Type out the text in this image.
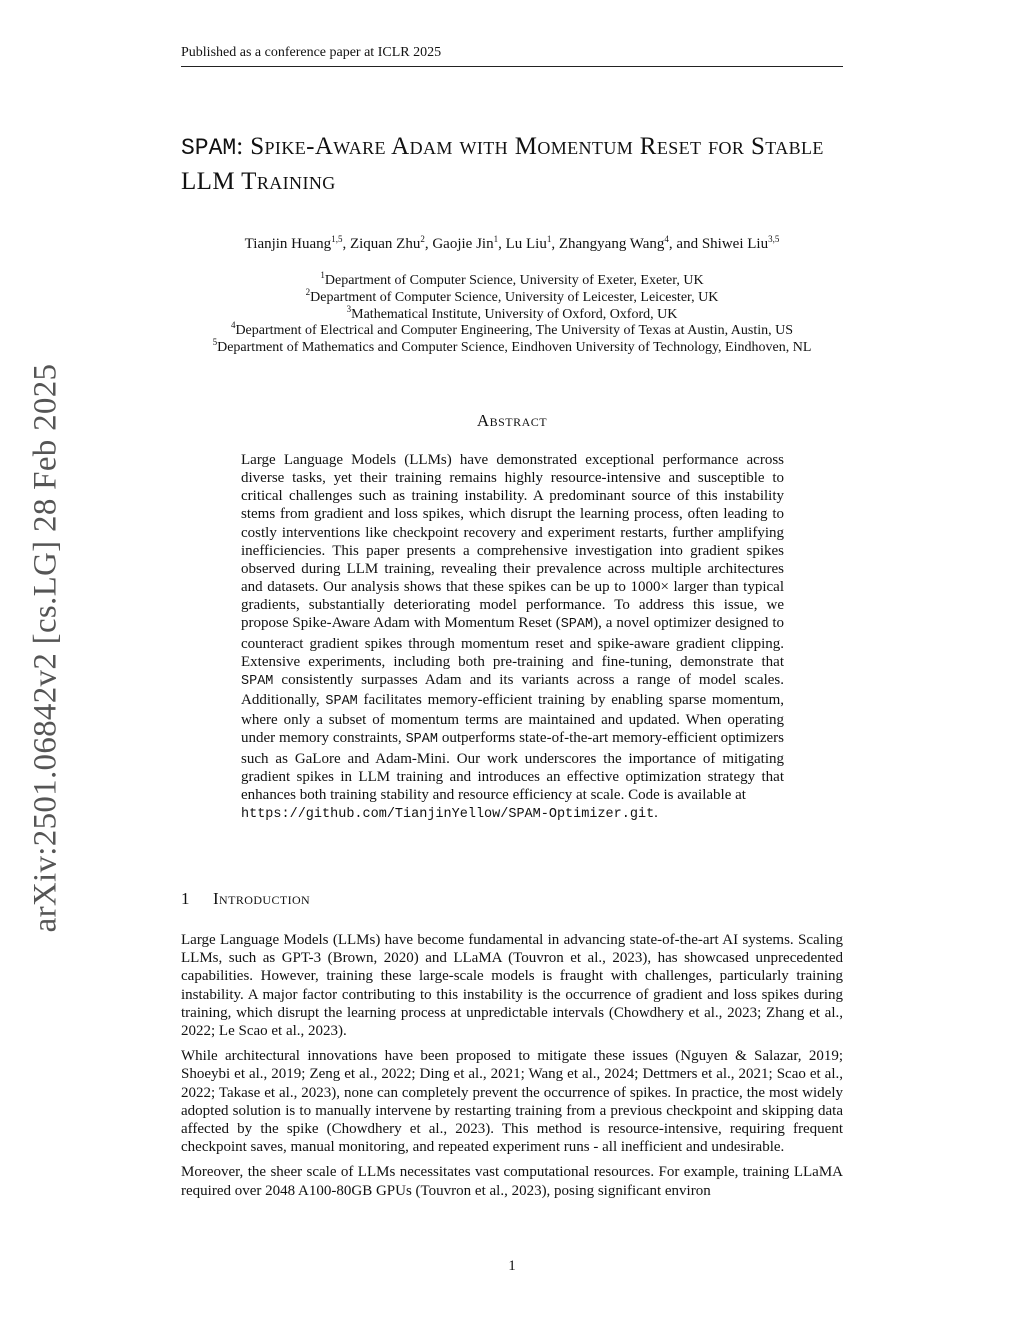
Published as a conference paper at ICLR 2025
arXiv:2501.06842v2 [cs.LG] 28 Feb 2025
SPAM: Spike-Aware Adam with Momentum Reset for Stable LLM Training
Tianjin Huang$^{1,5}$, Ziquan Zhu$^2$, Gaojie Jin$^1$, Lu Liu$^1$, Zhangyang Wang$^4$, and Shiwei Liu$^{3,5}$
$^1$Department of Computer Science, University of Exeter, Exeter, UK
$^2$Department of Computer Science, University of Leicester, Leicester, UK
$^3$Mathematical Institute, University of Oxford, Oxford, UK
$^4$Department of Electrical and Computer Engineering, The University of Texas at Austin, Austin, US
$^5$Department of Mathematics and Computer Science, Eindhoven University of Technology, Eindhoven, NL
Abstract
Large Language Models (LLMs) have demonstrated exceptional performance across diverse tasks, yet their training remains highly resource-intensive and susceptible to critical challenges such as training instability. A predominant source of this instability stems from gradient and loss spikes, which disrupt the learning process, often leading to costly interventions like checkpoint recovery and experiment restarts, further amplifying inefficiencies. This paper presents a comprehensive investigation into gradient spikes observed during LLM training, revealing their prevalence across multiple architectures and datasets. Our analysis shows that these spikes can be up to 1000× larger than typical gradients, substantially deteriorating model performance. To address this issue, we propose Spike-Aware Adam with Momentum Reset (SPAM), a novel optimizer designed to counteract gradient spikes through momentum reset and spike-aware gradient clipping. Extensive experiments, including both pre-training and fine-tuning, demonstrate that SPAM consistently surpasses Adam and its variants across a range of model scales. Additionally, SPAM facilitates memory-efficient training by enabling sparse momentum, where only a subset of momentum terms are maintained and updated. When operating under memory constraints, SPAM outperforms state-of-the-art memory-efficient optimizers such as GaLore and Adam-Mini. Our work underscores the importance of mitigating gradient spikes in LLM training and introduces an effective optimization strategy that enhances both training stability and resource efficiency at scale. Code is available at
https://github.com/TianjinYellow/SPAM-Optimizer.git.
1 Introduction

Large Language Models (LLMs) have become fundamental in advancing state-of-the-art AI systems. Scaling LLMs, such as GPT-3 (Brown, 2020) and LLaMA (Touvron et al., 2023), has showcased unprecedented capabilities. However, training these large-scale models is fraught with challenges, particularly training instability. A major factor contributing to this instability is the occurrence of gradient and loss spikes during training, which disrupt the learning process at unpredictable intervals (Chowdhery et al., 2023; Zhang et al., 2022; Le Scao et al., 2023).

While architectural innovations have been proposed to mitigate these issues (Nguyen & Salazar, 2019; Shoeybi et al., 2019; Zeng et al., 2022; Ding et al., 2021; Wang et al., 2024; Dettmers et al., 2021; Scao et al., 2022; Takase et al., 2023), none can completely prevent the occurrence of spikes. In practice, the most widely adopted solution is to manually intervene by restarting training from a previous checkpoint and skipping data affected by the spike (Chowdhery et al., 2023). This method is resource-intensive, requiring frequent checkpoint saves, manual monitoring, and repeated experiment runs - all inefficient and undesirable.

Moreover, the sheer scale of LLMs necessitates vast computational resources. For example, training LLaMA required over 2048 A100-80GB GPUs (Touvron et al., 2023), posing significant environ

1
